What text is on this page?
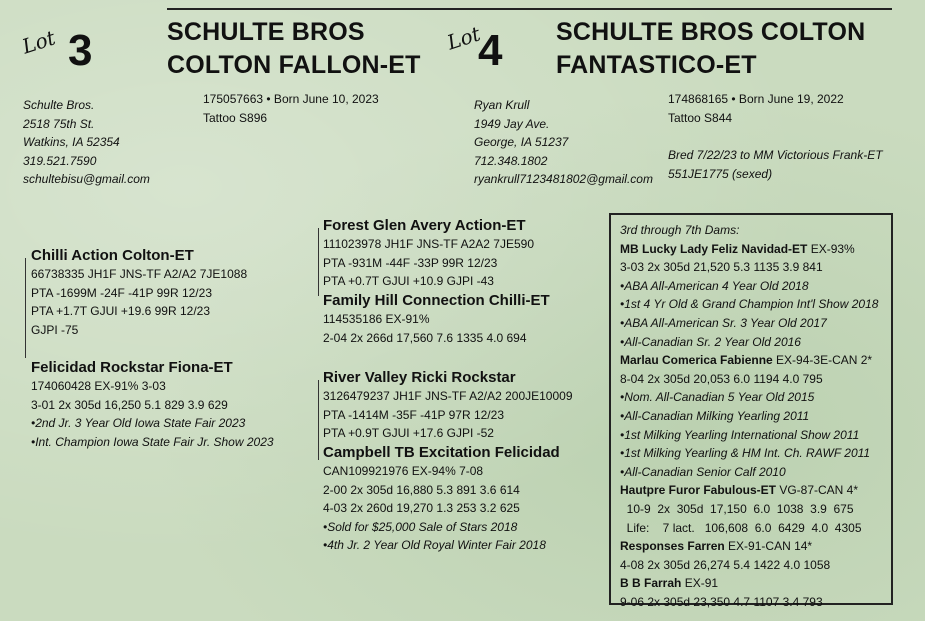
Lot 3	SCHULTE BROS
COLTON FALLON-ET
Schulte Bros.
2518 75th St.
Watkins, IA 52354
319.521.7590
schultebisu@gmail.com
175057663 • Born June 10, 2023
Tattoo S896
Lot
4 SCHULTE BROS COLTON
FANTASTICO-ET
Ryan Krull
1949 Jay Ave.
George, IA 51237
712.348.1802
ryankrull7123481802@gmail.com
174868165 • Born June 19, 2022
Tattoo S844
Bred 7/22/23 to MM Victorious Frank-ET
551JE1775 (sexed)
Chilli Action Colton-ET
66738335 JH1F JNS-TF A2/A2 7JE1088
PTA -1699M -24F -41P 99R 12/23
PTA +1.7T GJUI +19.6 99R 12/23
GJPI -75
Felicidad Rockstar Fiona-ET
174060428 EX-91% 3-03
3-01 2x 305d 16,250 5.1 829 3.9 629
•2nd Jr. 3 Year Old Iowa State Fair 2023
•Int. Champion Iowa State Fair Jr. Show 2023
Forest Glen Avery Action-ET
111023978 JH1F JNS-TF A2A2 7JE590
PTA -931M -44F -33P 99R 12/23
PTA +0.7T GJUI +10.9 GJPI -43
Family Hill Connection Chilli-ET
114535186 EX-91%
2-04 2x 266d 17,560 7.6 1335 4.0 694
River Valley Ricki Rockstar
3126479237 JH1F JNS-TF A2/A2 200JE10009
PTA -1414M -35F -41P 97R 12/23
PTA +0.9T GJUI +17.6 GJPI -52
Campbell TB Excitation Felicidad
CAN109921976 EX-94% 7-08
2-00 2x 305d 16,880 5.3 891 3.6 614
4-03 2x 260d 19,270 1.3 253 3.2 625
•Sold for $25,000 Sale of Stars 2018
•4th Jr. 2 Year Old Royal Winter Fair 2018
3rd through 7th Dams:
MB Lucky Lady Feliz Navidad-ET EX-93%
3-03 2x 305d 21,520 5.3 1135 3.9 841
•ABA All-American 4 Year Old 2018
•1st 4 Yr Old & Grand Champion Int'l Show 2018
•ABA All-American Sr. 3 Year Old 2017
•All-Canadian Sr. 2 Year Old 2016
Marlau Comerica Fabienne EX-94-3E-CAN 2*
8-04 2x 305d 20,053 6.0 1194 4.0 795
•Nom. All-Canadian 5 Year Old 2015
•All-Canadian Milking Yearling 2011
•1st Milking Yearling International Show 2011
•1st Milking Yearling & HM Int. Ch. RAWF 2011
•All-Canadian Senior Calf 2010
Hautpre Furor Fabulous-ET VG-87-CAN 4*
10-9  2x  305d  17,150  6.0  1038  3.9  675
Life:    7 lact.   106,608  6.0  6429  4.0  4305
Responses Farren EX-91-CAN 14*
4-08 2x 305d 26,274 5.4 1422 4.0 1058
B B Farrah EX-91
9-06 2x 305d 23,350 4.7 1107 3.4 793
